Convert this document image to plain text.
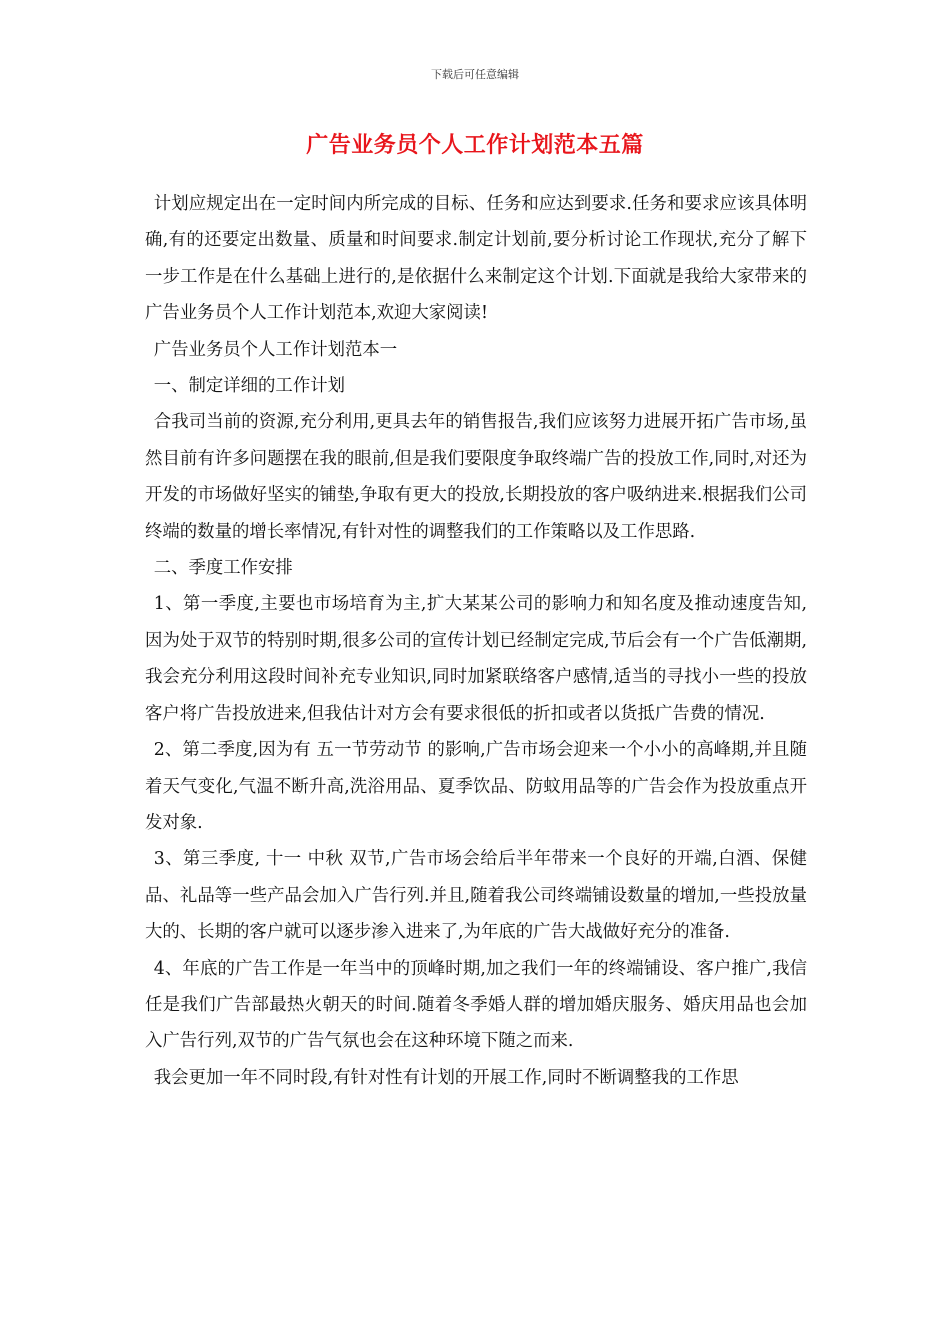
下载后可任意编辑
广告业务员个人工作计划范本五篇

计划应规定出在一定时间内所完成的目标、任务和应达到要求.任务和要求应该具体明确,有的还要定出数量、质量和时间要求.制定计划前,要分析讨论工作现状,充分了解下一步工作是在什么基础上进行的,是依据什么来制定这个计划.下面就是我给大家带来的广告业务员个人工作计划范本,欢迎大家阅读!

广告业务员个人工作计划范本一

一、制定详细的工作计划

合我司当前的资源,充分利用,更具去年的销售报告,我们应该努力进展开拓广告市场,虽然目前有许多问题摆在我的眼前,但是我们要限度争取终端广告的投放工作,同时,对还为开发的市场做好坚实的铺垫,争取有更大的投放,长期投放的客户吸纳进来.根据我们公司终端的数量的增长率情况,有针对性的调整我们的工作策略以及工作思路.

二、季度工作安排

1、第一季度,主要也市场培育为主,扩大某某公司的影响力和知名度及推动速度告知,因为处于双节的特别时期,很多公司的宣传计划已经制定完成,节后会有一个广告低潮期,我会充分利用这段时间补充专业知识,同时加紧联络客户感情,适当的寻找小一些的投放客户将广告投放进来,但我估计对方会有要求很低的折扣或者以货抵广告费的情况.

2、第二季度,因为有 五一节劳动节 的影响,广告市场会迎来一个小小的高峰期,并且随着天气变化,气温不断升高,洗浴用品、夏季饮品、防蚊用品等的广告会作为投放重点开发对象.

3、第三季度, 十一 中秋 双节,广告市场会给后半年带来一个良好的开端,白酒、保健品、礼品等一些产品会加入广告行列.并且,随着我公司终端铺设数量的增加,一些投放量大的、长期的客户就可以逐步渗入进来了,为年底的广告大战做好充分的准备.

4、年底的广告工作是一年当中的顶峰时期,加之我们一年的终端铺设、客户推广,我信任是我们广告部最热火朝天的时间.随着冬季婚人群的增加婚庆服务、婚庆用品也会加入广告行列,双节的广告气氛也会在这种环境下随之而来.

我会更加一年不同时段,有针对性有计划的开展工作,同时不断调整我的工作思
